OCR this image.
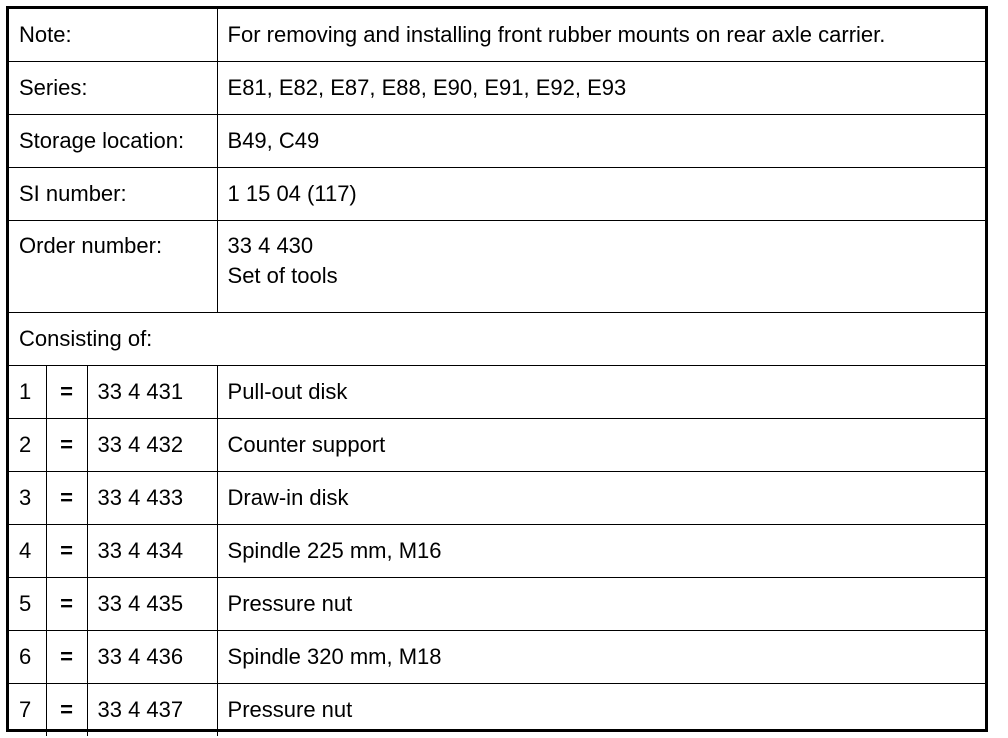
Note:			For removing and installing front rubber mounts on rear axle carrier.
Series:			E81, E82, E87, E88, E90, E91, E92, E93
Storage location:			B49, C49
SI number:			1 15 04 (117)
Order number:			33 4 430
Set of tools

Consisting of:			
1	=	33 4 431	Pull-out disk
2	=	33 4 432	Counter support
3	=	33 4 433	Draw-in disk
4	=	33 4 434	Spindle 225 mm, M16
5	=	33 4 435	Pressure nut
6	=	33 4 436	Spindle 320 mm, M18
7	=	33 4 437	Pressure nut
